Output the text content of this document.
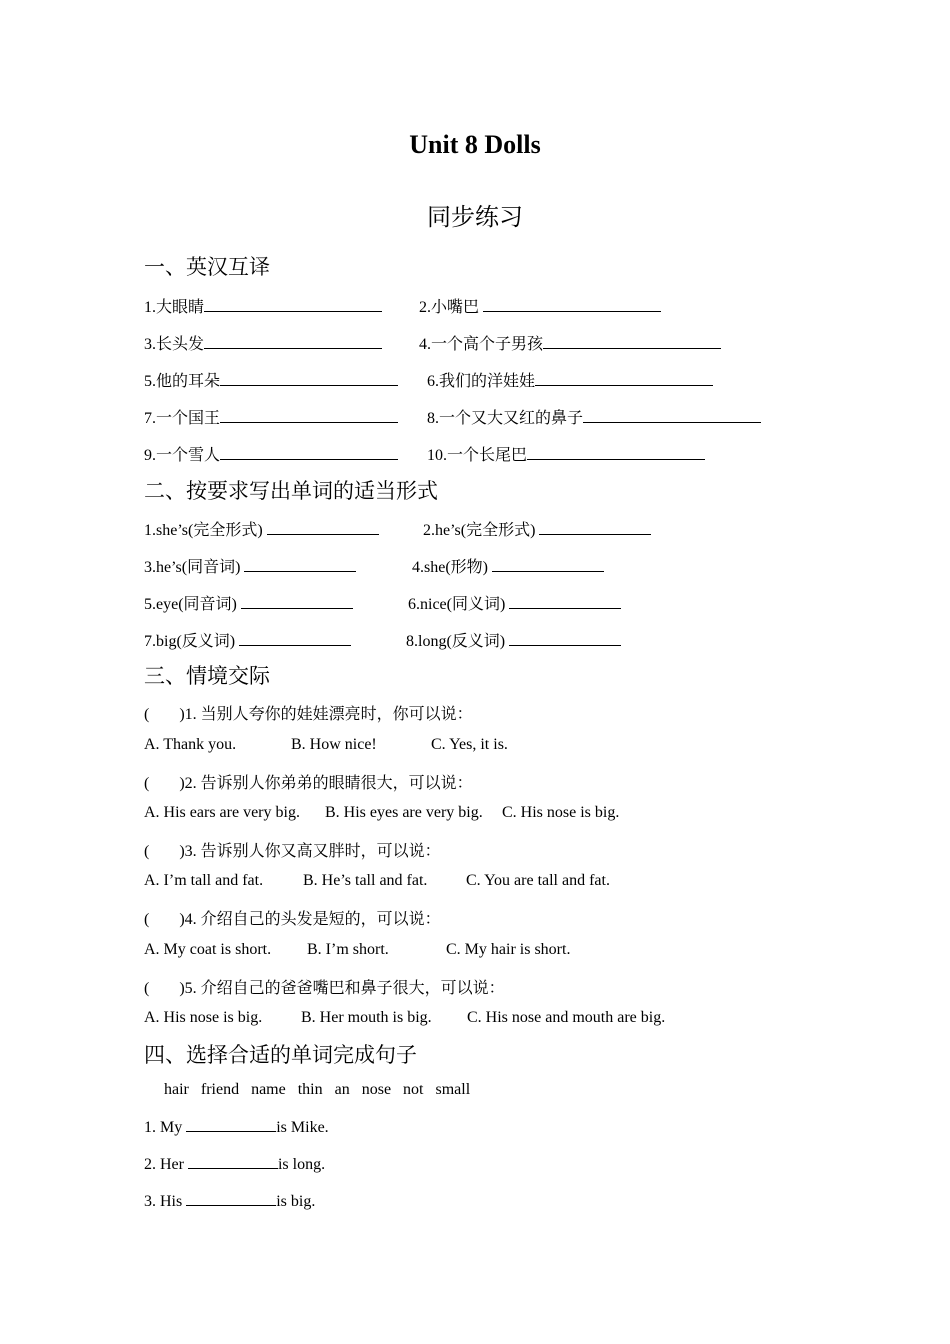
Unit 8 Dolls
同步练习
一、英汉互译
1.大眼睛	2.小嘴巴
3.长头发	4.一个高个子男孩
5.他的耳朵	6.我们的洋娃娃
7.一个国王	8.一个又大又红的鼻子
9.一个雪人	10.一个长尾巴
二、按要求写出单词的适当形式
1.she’s(完全形式)	2.he’s(完全形式)
3.he’s(同音词)	4.she(形物)
5.eye(同音词)	6.nice(同义词)
7.big(反义词)	8.long(反义词)
三、情境交际
( )1. 当别人夸你的娃娃漂亮时，你可以说：
A. Thank you.	B. How nice!	C. Yes, it is.
( )2. 告诉别人你弟弟的眼睛很大，可以说：
A. His ears are very big. B. His eyes are very big. C. His nose is big.
( )3. 告诉别人你又高又胖时，可以说：
A. I’m tall and fat. B. He’s tall and fat. C. You are tall and fat.
( )4. 介绍自己的头发是短的，可以说：
A. My coat is short. B. I’m short.	C. My hair is short.
( )5. 介绍自己的爸爸嘴巴和鼻子很大，可以说：
A. His nose is big. B. Her mouth is big. C. His nose and mouth are big.
四、选择合适的单词完成句子
hair   friend   name   thin   an   nose   not   small
1. My	is Mike.
2. Her	is long.
3. His	is big.
